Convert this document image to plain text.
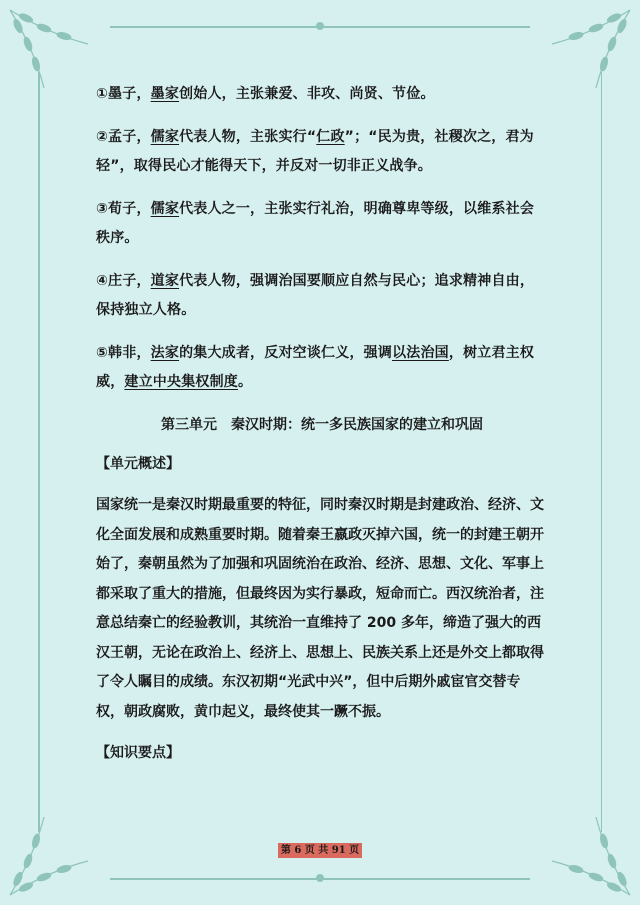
①墨子，墨家创始人，主张兼爱、非攻、尚贤、节俭。

②孟子，儒家代表人物，主张实行“仁政”；“民为贵，社稷次之，君为轻”，取得民心才能得天下，并反对一切非正义战争。

③荀子，儒家代表人之一，主张实行礼治，明确尊卑等级，以维系社会秩序。

④庄子，道家代表人物，强调治国要顺应自然与民心；追求精神自由，保持独立人格。

⑤韩非，法家的集大成者，反对空谈仁义，强调以法治国，树立君主权威，建立中央集权制度。

第三单元　秦汉时期：统一多民族国家的建立和巩固
【单元概述】

国家统一是秦汉时期最重要的特征，同时秦汉时期是封建政治、经济、文化全面发展和成熟重要时期。随着秦王嬴政灭掉六国，统一的封建王朝开始了，秦朝虽然为了加强和巩固统治在政治、经济、思想、文化、军事上都采取了重大的措施，但最终因为实行暴政，短命而亡。西汉统治者，注意总结秦亡的经验教训，其统治一直维持了 200 多年，缔造了强大的西汉王朝，无论在政治上、经济上、思想上、民族关系上还是外交上都取得了令人瞩目的成绩。东汉初期“光武中兴”，但中后期外戚宦官交替专权，朝政腐败，黄巾起义，最终使其一蹶不振。

【知识要点】
第 6 页 共 91 页
